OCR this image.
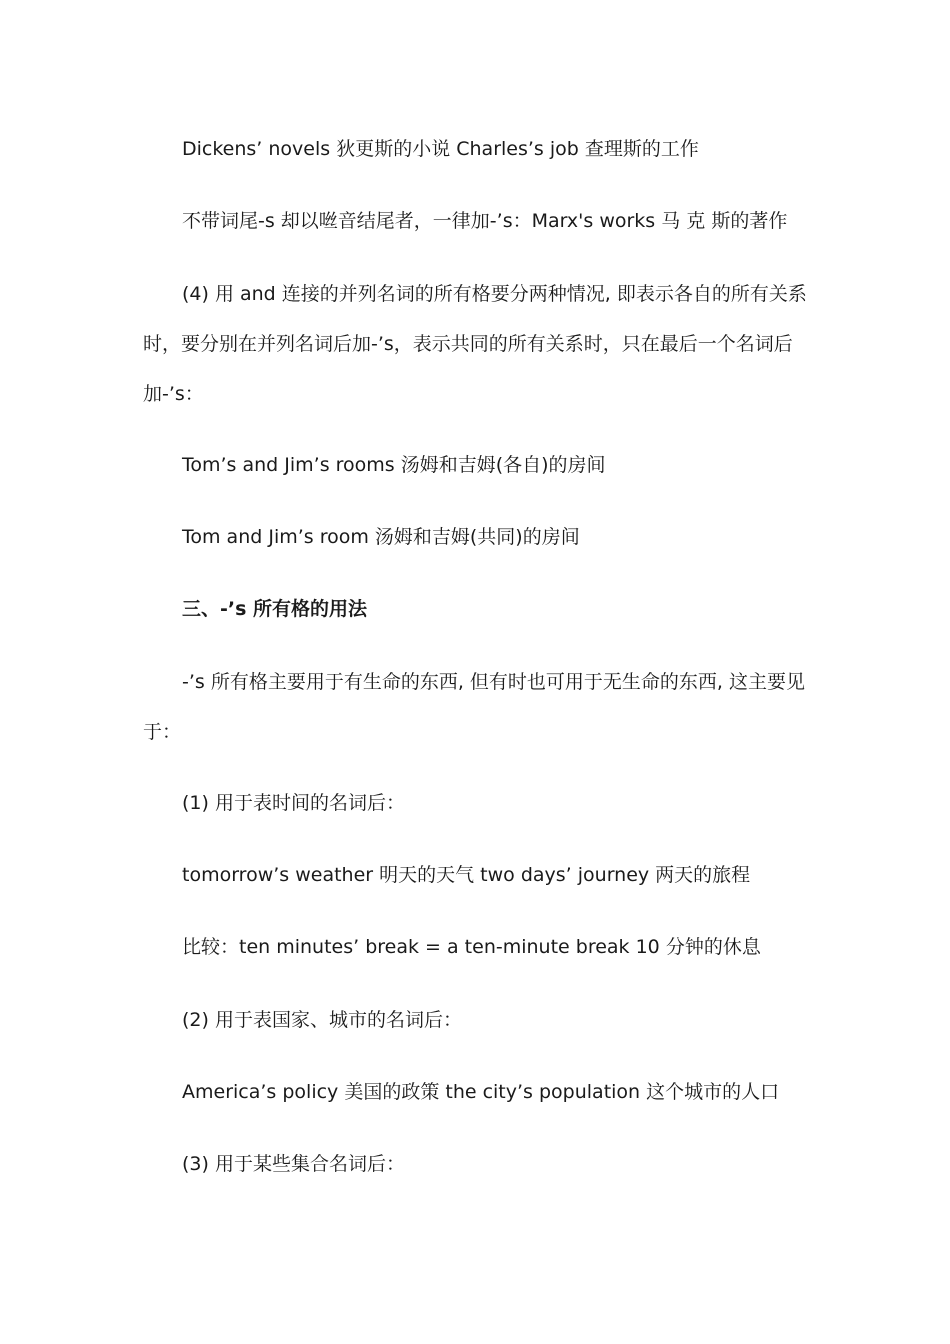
Dickens’ novels 狄更斯的小说 Charles’s job 查理斯的工作

不带词尾-s 却以咝音结尾者，一律加-’s：Marx's works 马 克 斯的著作

(4) 用 and 连接的并列名词的所有格要分两种情况, 即表示各自的所有关系时，要分别在并列名词后加-’s，表示共同的所有关系时，只在最后一个名词后加-’s：

Tom’s and Jim’s rooms 汤姆和吉姆(各自)的房间

Tom and Jim’s room 汤姆和吉姆(共同)的房间

三、-’s 所有格的用法

-’s 所有格主要用于有生命的东西, 但有时也可用于无生命的东西, 这主要见于：

(1) 用于表时间的名词后：

tomorrow’s weather 明天的天气 two days’ journey 两天的旅程

比较：ten minutes’ break = a ten-minute break 10 分钟的休息

(2) 用于表国家、城市的名词后：

America’s policy 美国的政策 the city’s population 这个城市的人口

(3) 用于某些集合名词后：
